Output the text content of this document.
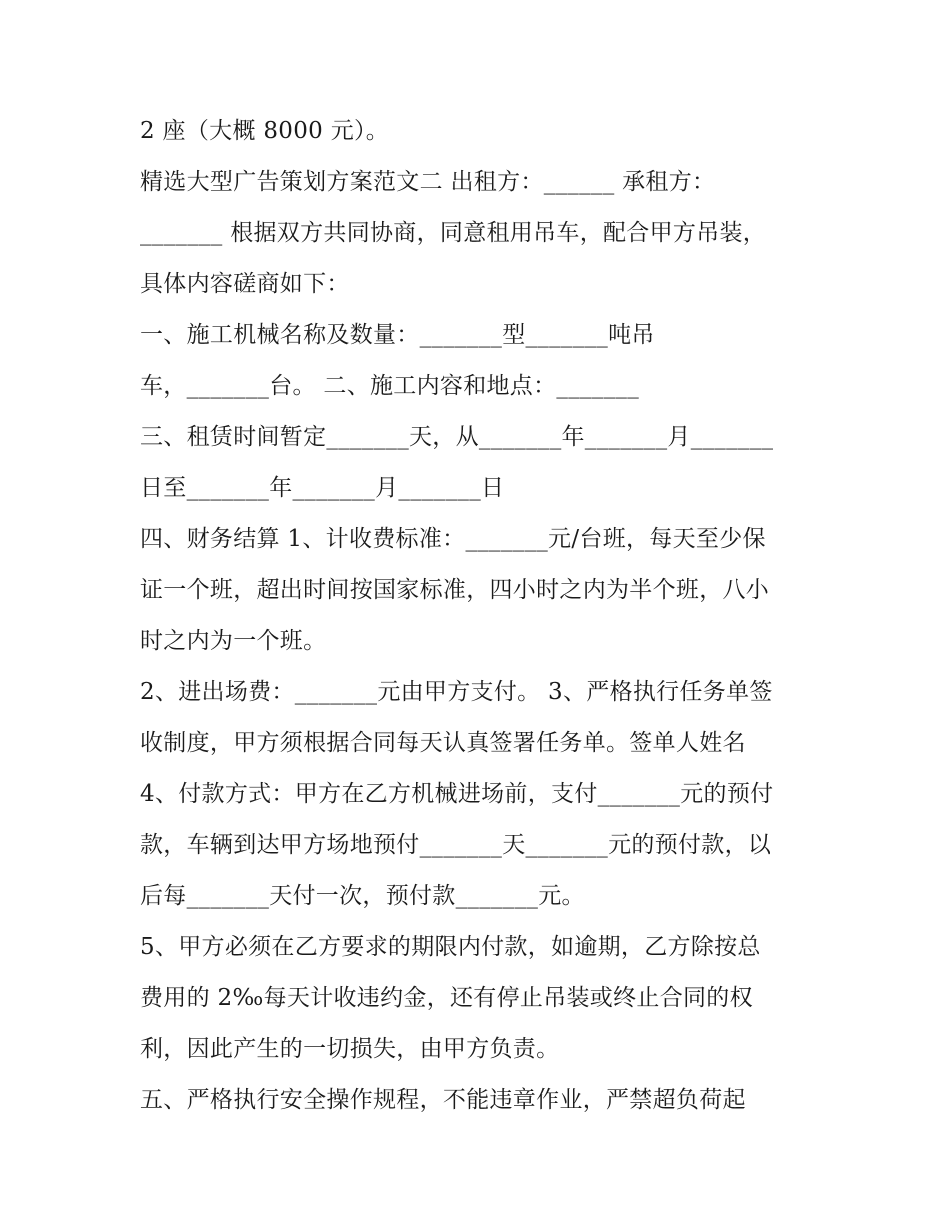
2 座（大概 8000 元）。
精选大型广告策划方案范文二 出租方：______ 承租方：
_______ 根据双方共同协商，同意租用吊车，配合甲方吊装，
具体内容磋商如下：
一、施工机械名称及数量：_______型_______吨吊
车，_______台。 二、施工内容和地点：_______
三、租赁时间暂定_______天，从_______年_______月_______
日至_______年_______月_______日
四、财务结算 1、计收费标准：_______元/台班，每天至少保
证一个班，超出时间按国家标准，四小时之内为半个班，八小
时之内为一个班。
2、进出场费：_______元由甲方支付。 3、严格执行任务单签
收制度，甲方须根据合同每天认真签署任务单。签单人姓名
4、付款方式：甲方在乙方机械进场前，支付_______元的预付
款，车辆到达甲方场地预付_______天_______元的预付款，以
后每_______天付一次，预付款_______元。
5、甲方必须在乙方要求的期限内付款，如逾期，乙方除按总
费用的 2‰每天计收违约金，还有停止吊装或终止合同的权
利，因此产生的一切损失，由甲方负责。
五、严格执行安全操作规程，不能违章作业，严禁超负荷起
